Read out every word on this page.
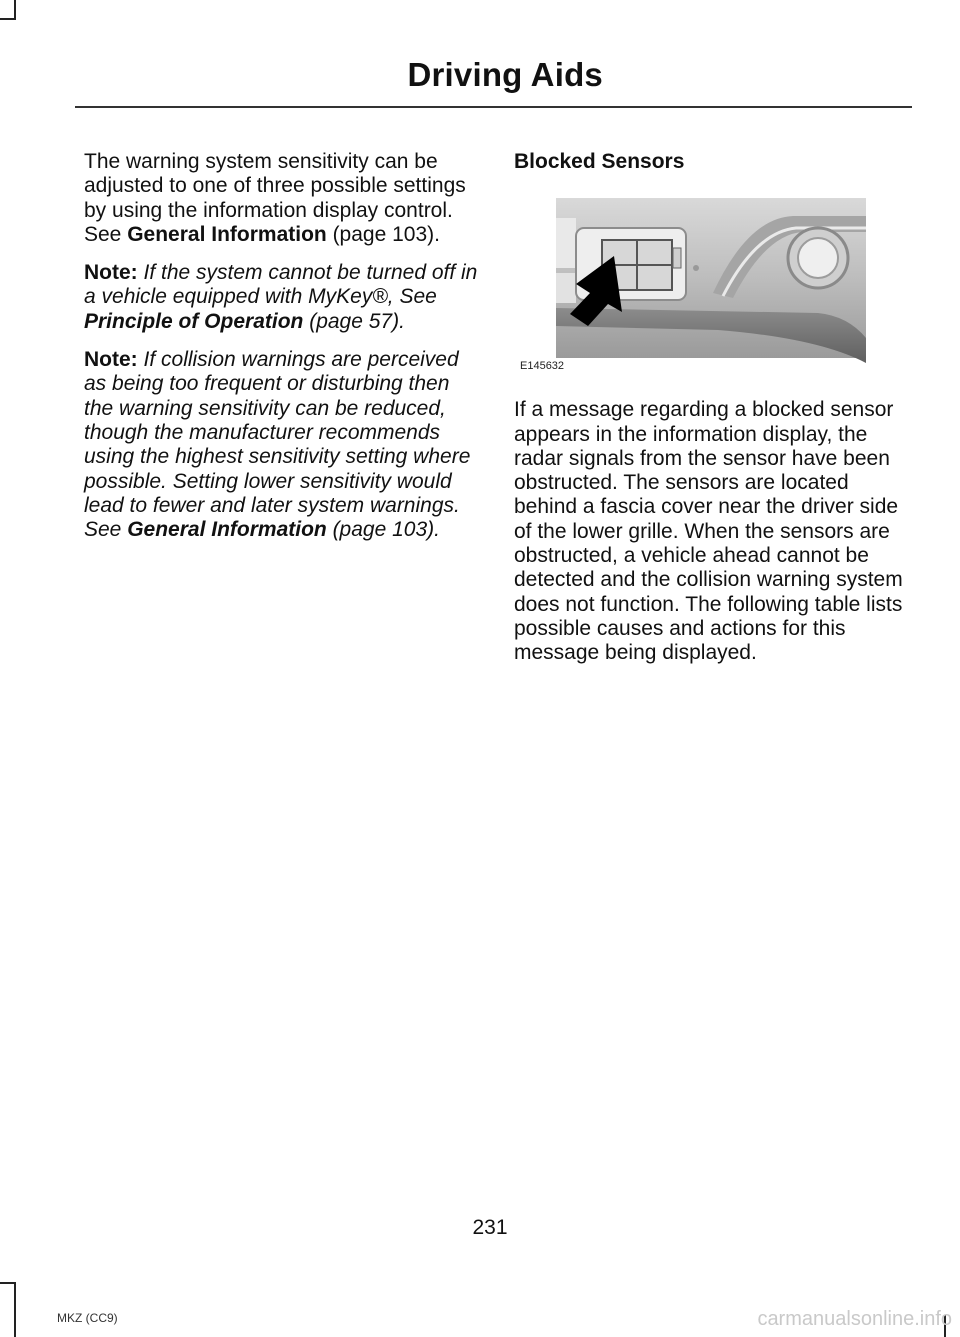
Driving Aids

The warning system sensitivity can be adjusted to one of three possible settings by using the information display control. See General Information (page 103).

Note: If the system cannot be turned off in a vehicle equipped with MyKey®, See Principle of Operation (page 57).

Note: If collision warnings are perceived as being too frequent or disturbing then the warning sensitivity can be reduced, though the manufacturer recommends using the highest sensitivity setting where possible. Setting lower sensitivity would lead to fewer and later system warnings. See General Information (page 103).

Blocked Sensors
E145632

If a message regarding a blocked sensor appears in the information display, the radar signals from the sensor have been obstructed. The sensors are located behind a fascia cover near the driver side of the lower grille. When the sensors are obstructed, a vehicle ahead cannot be detected and the collision warning system does not function. The following table lists possible causes and actions for this message being displayed.

231
MKZ (CC9)	carmanualsonline.info
